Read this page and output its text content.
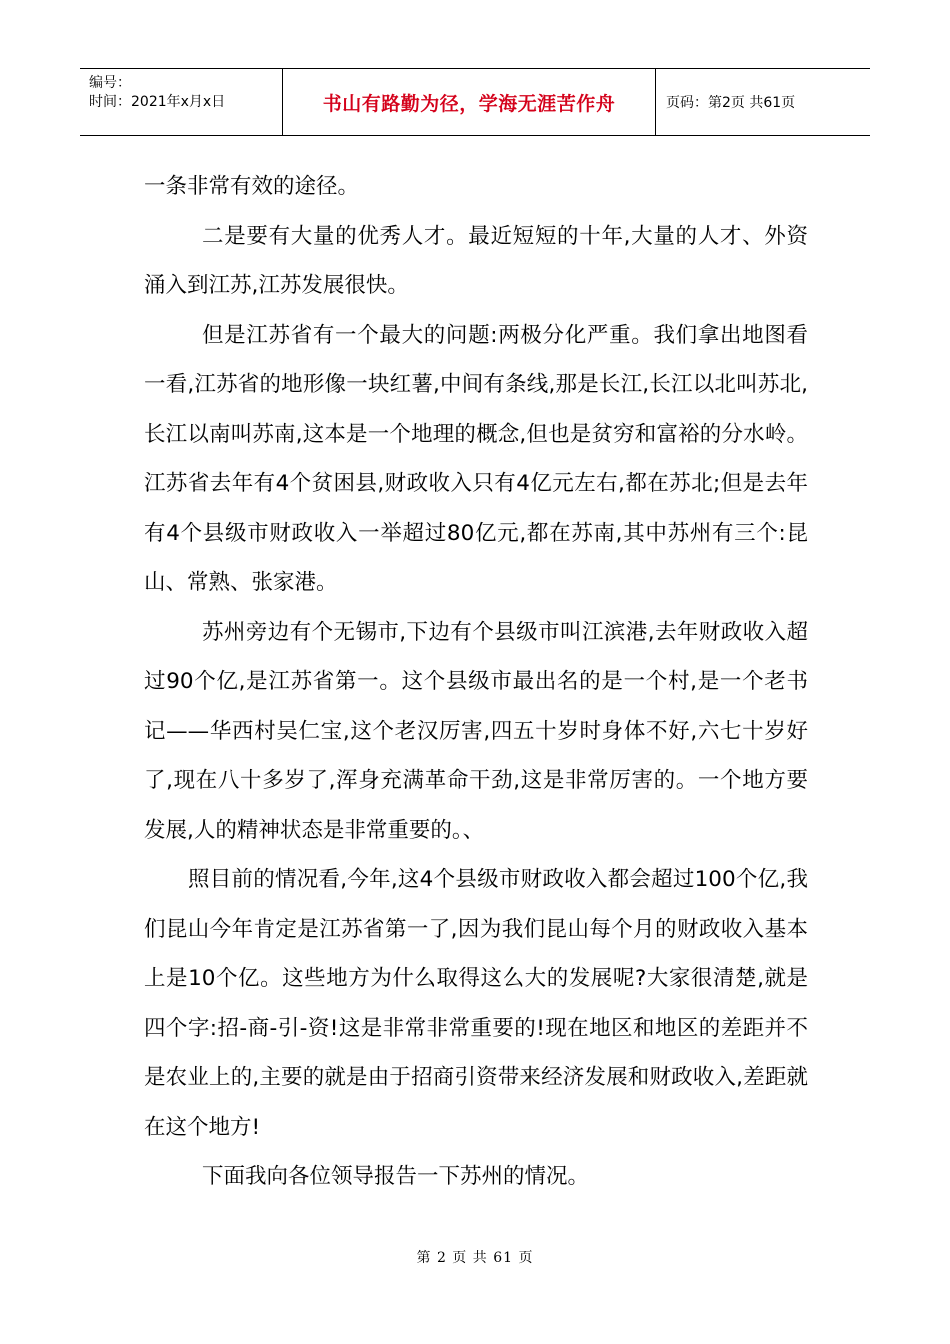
编号：
时间：2021年x月x日	书山有路勤为径，学海无涯苦作舟	页码：第2页 共61页

一条非常有效的途径。

二是要有大量的优秀人才。最近短短的十年,大量的人才、外资涌入到江苏,江苏发展很快。

但是江苏省有一个最大的问题:两极分化严重。我们拿出地图看一看,江苏省的地形像一块红薯,中间有条线,那是长江,长江以北叫苏北,长江以南叫苏南,这本是一个地理的概念,但也是贫穷和富裕的分水岭。江苏省去年有4个贫困县,财政收入只有4亿元左右,都在苏北;但是去年有4个县级市财政收入一举超过80亿元,都在苏南,其中苏州有三个:昆山、常熟、张家港。

苏州旁边有个无锡市,下边有个县级市叫江滨港,去年财政收入超过90个亿,是江苏省第一。这个县级市最出名的是一个村,是一个老书记——华西村吴仁宝,这个老汉厉害,四五十岁时身体不好,六七十岁好了,现在八十多岁了,浑身充满革命干劲,这是非常厉害的。一个地方要发展,人的精神状态是非常重要的。、

照目前的情况看,今年,这4个县级市财政收入都会超过100个亿,我们昆山今年肯定是江苏省第一了,因为我们昆山每个月的财政收入基本上是10个亿。这些地方为什么取得这么大的发展呢?大家很清楚,就是四个字:招-商-引-资!这是非常非常重要的!现在地区和地区的差距并不是农业上的,主要的就是由于招商引资带来经济发展和财政收入,差距就在这个地方!

下面我向各位领导报告一下苏州的情况。

第 2 页 共 61 页
